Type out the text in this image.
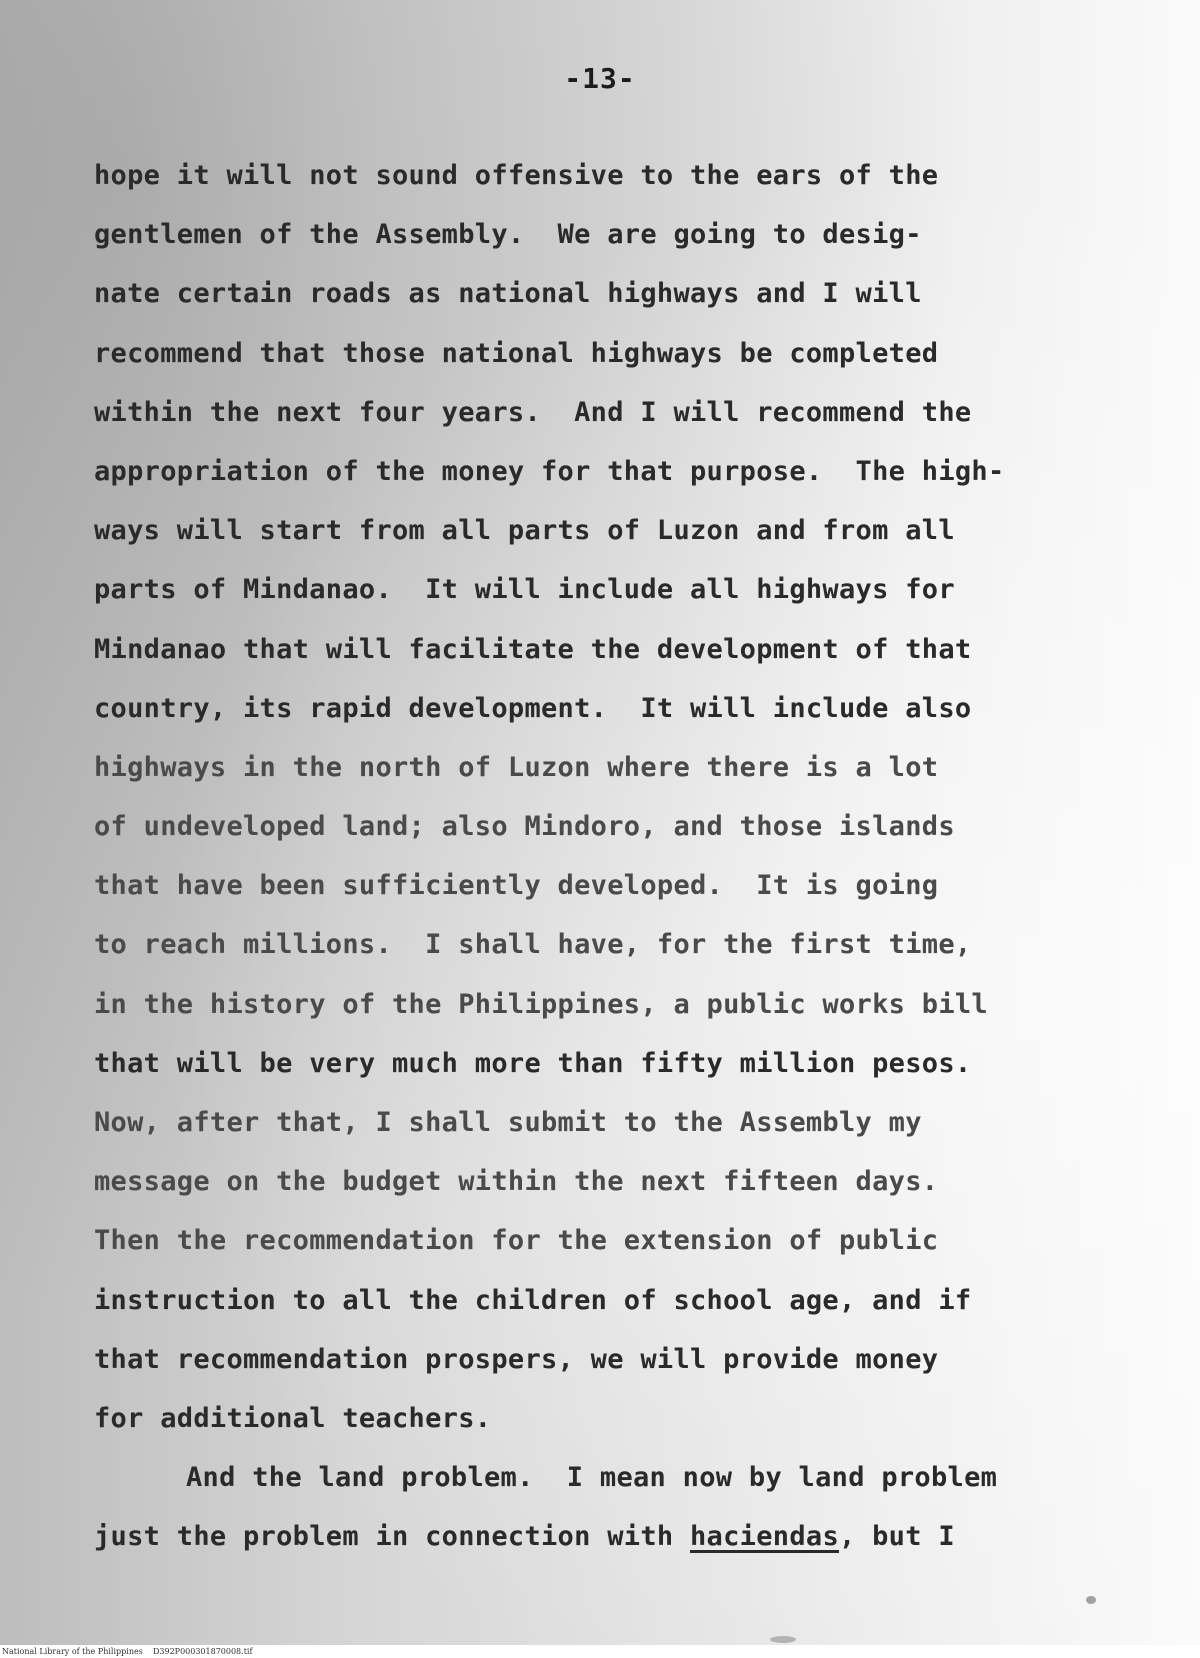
-13-
hope it will not sound offensive to the ears of the
gentlemen of the Assembly.  We are going to desig-
nate certain roads as national highways and I will
recommend that those national highways be completed
within the next four years.  And I will recommend the
appropriation of the money for that purpose.  The high-
ways will start from all parts of Luzon and from all
parts of Mindanao.  It will include all highways for
Mindanao that will facilitate the development of that
country, its rapid development.  It will include also
highways in the north of Luzon where there is a lot
of undeveloped land; also Mindoro, and those islands
that have been sufficiently developed.  It is going
to reach millions.  I shall have, for the first time,
in the history of the Philippines, a public works bill
that will be very much more than fifty million pesos.
Now, after that, I shall submit to the Assembly my
message on the budget within the next fifteen days.
Then the recommendation for the extension of public
instruction to all the children of school age, and if
that recommendation prospers, we will provide money
for additional teachers.
And the land problem.  I mean now by land problem
just the problem in connection with haciendas, but I
National Library of the Philippines D392P000301870008.tif
